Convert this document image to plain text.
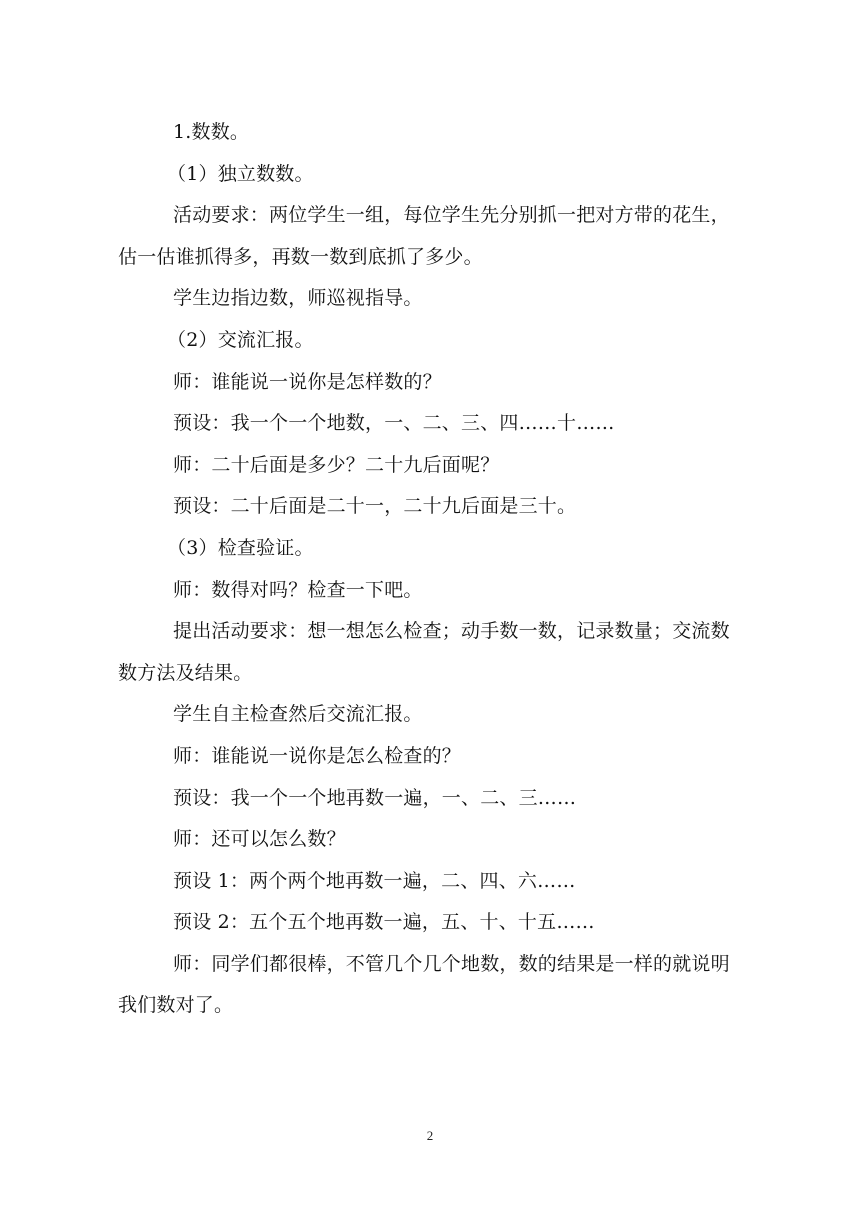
1.数数。

（1）独立数数。

活动要求：两位学生一组，每位学生先分别抓一把对方带的花生，估一估谁抓得多，再数一数到底抓了多少。

学生边指边数，师巡视指导。

（2）交流汇报。

师：谁能说一说你是怎样数的？

预设：我一个一个地数，一、二、三、四……十……

师：二十后面是多少？二十九后面呢？

预设：二十后面是二十一，二十九后面是三十。

（3）检查验证。

师：数得对吗？检查一下吧。

提出活动要求：想一想怎么检查；动手数一数，记录数量；交流数数方法及结果。

学生自主检查然后交流汇报。

师：谁能说一说你是怎么检查的？

预设：我一个一个地再数一遍，一、二、三……

师：还可以怎么数？

预设 1：两个两个地再数一遍，二、四、六……

预设 2：五个五个地再数一遍，五、十、十五……

师：同学们都很棒，不管几个几个地数，数的结果是一样的就说明我们数对了。

2
